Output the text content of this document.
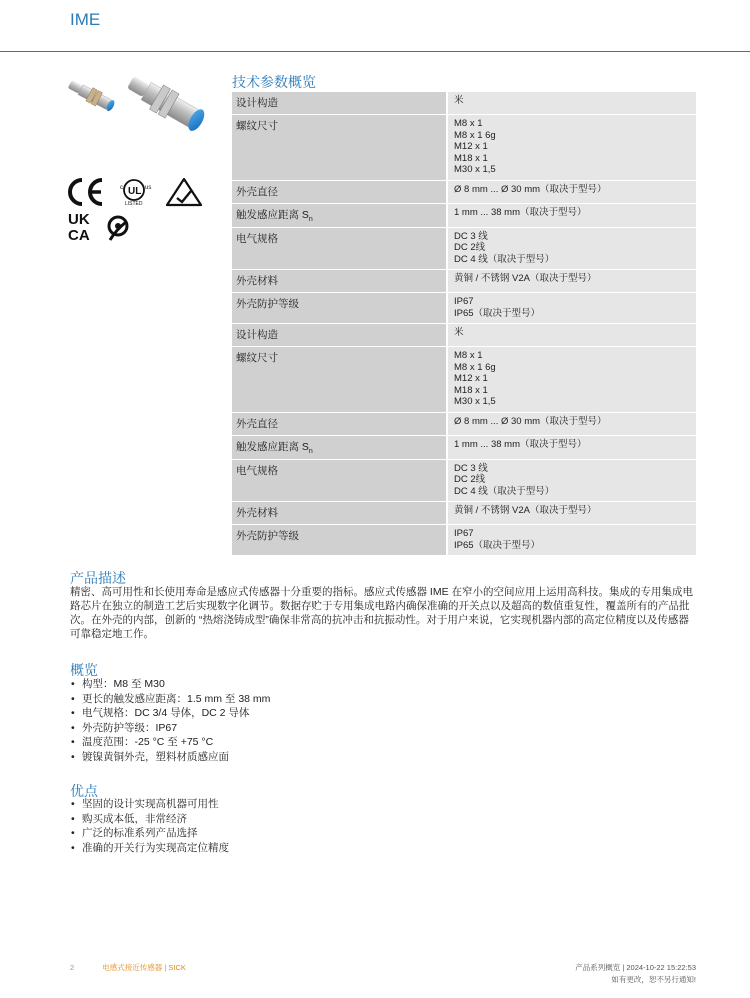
IME
UL
c	us
LISTED
UK
CA
技术参数概览
设计构造	米

螺纹尺寸	M8 x 1
M8 x 1 6g
M12 x 1
M18 x 1
M30 x 1,5

外壳直径	Ø 8 mm ... Ø 30 mm（取决于型号）

触发感应距离 $S_n$	1 mm ... 38 mm（取决于型号）

电气规格	DC 3 线
DC 2线
DC 4 线（取决于型号）

外壳材料	黄铜 / 不锈钢 V2A（取决于型号）

外壳防护等级	IP67
IP65（取决于型号）

设计构造	米

螺纹尺寸	M8 x 1
M8 x 1 6g
M12 x 1
M18 x 1
M30 x 1,5

外壳直径	Ø 8 mm ... Ø 30 mm（取决于型号）

触发感应距离 $S_n$	1 mm ... 38 mm（取决于型号）

电气规格	DC 3 线
DC 2线
DC 4 线（取决于型号）

外壳材料	黄铜 / 不锈钢 V2A（取决于型号）

外壳防护等级	IP67
IP65（取决于型号）
产品描述
精密、高可用性和长使用寿命是感应式传感器十分重要的指标。感应式传感器 IME 在窄小的空间应用上运用高科技。集成的专用集成电路芯片在独立的制造工艺后实现数字化调节。数据存贮于专用集成电路内确保准确的开关点以及超高的数值重复性，覆盖所有的产品批次。在外壳的内部，创新的 “热熔浇铸成型”确保非常高的抗冲击和抗振动性。对于用户来说，它实现机器内部的高定位精度以及传感器可靠稳定地工作。
概览
• 构型：M8 至 M30
• 更长的触发感应距离：1.5 mm 至 38 mm
• 电气规格：DC 3/4 导体，DC 2 导体
• 外壳防护等级：IP67
• 温度范围：-25 °C 至 +75 °C
• 镀镍黄铜外壳，塑料材质感应面
优点
• 坚固的设计实现高机器可用性
• 购买成本低，非常经济
• 广泛的标准系列产品选择
• 准确的开关行为实现高定位精度
2	电感式接近传感器 | SICK	产品系列概览 | 2024-10-22 15:22:53
如有更改，恕不另行通知!
